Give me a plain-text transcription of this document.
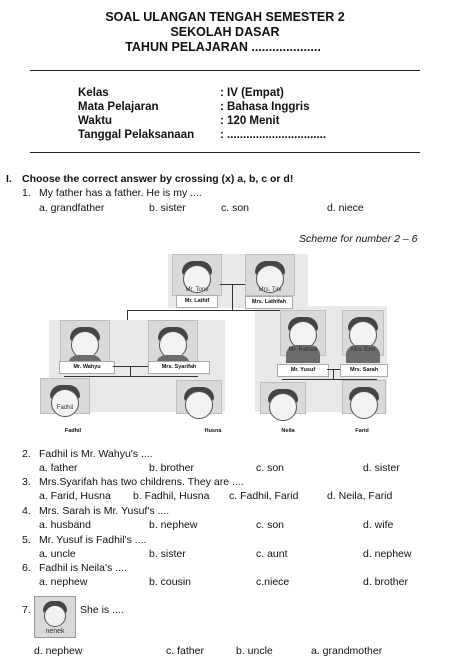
SOAL ULANGAN TENGAH SEMESTER 2
SEKOLAH DASAR
TAHUN PELAJARAN ....................
Kelas	: IV (Empat)
Mata Pelajaran	: Bahasa Inggris
Waktu	: 120 Menit
Tanggal Pelaksanaan : ...............................
I. Choose the correct answer by crossing (x) a, b, c or d!
1. My father has a father. He is my ....
a. grandfather	b. sister	c. son	d. niece
Scheme for number 2 – 6
Mr. Tono	Mrs. Tini
Mr. Lathif	Mrs. Lathifah
Mr. Wahyu	Mrs. Syarifah
Mr. Rahadi	Mrs. Erni
Mr. Yusuf	Mrs. Sarah
Fadhil
Fadhil	Husna	Neila	Farid
2. Fadhil is Mr. Wahyu's ....
a. father	b. brother	c. son	d. sister
3. Mrs.Syarifah has two childrens. They are ....
a. Farid, Husna b. Fadhil, Husna c. Fadhil, Farid	d. Neila, Farid
4. Mrs. Sarah is Mr. Yusuf's ....
a. husband	b. nephew	c. son	d. wife
5. Mr. Yusuf is Fadhil's ....
a. uncle	b. sister	c. aunt	d. nephew
6. Fadhil is Neila's ....
a. nephew	b. cousin	c.niece	d. brother
7.
nenek
She is ....
d. nephew	c. father	b. uncle	a. grandmother
